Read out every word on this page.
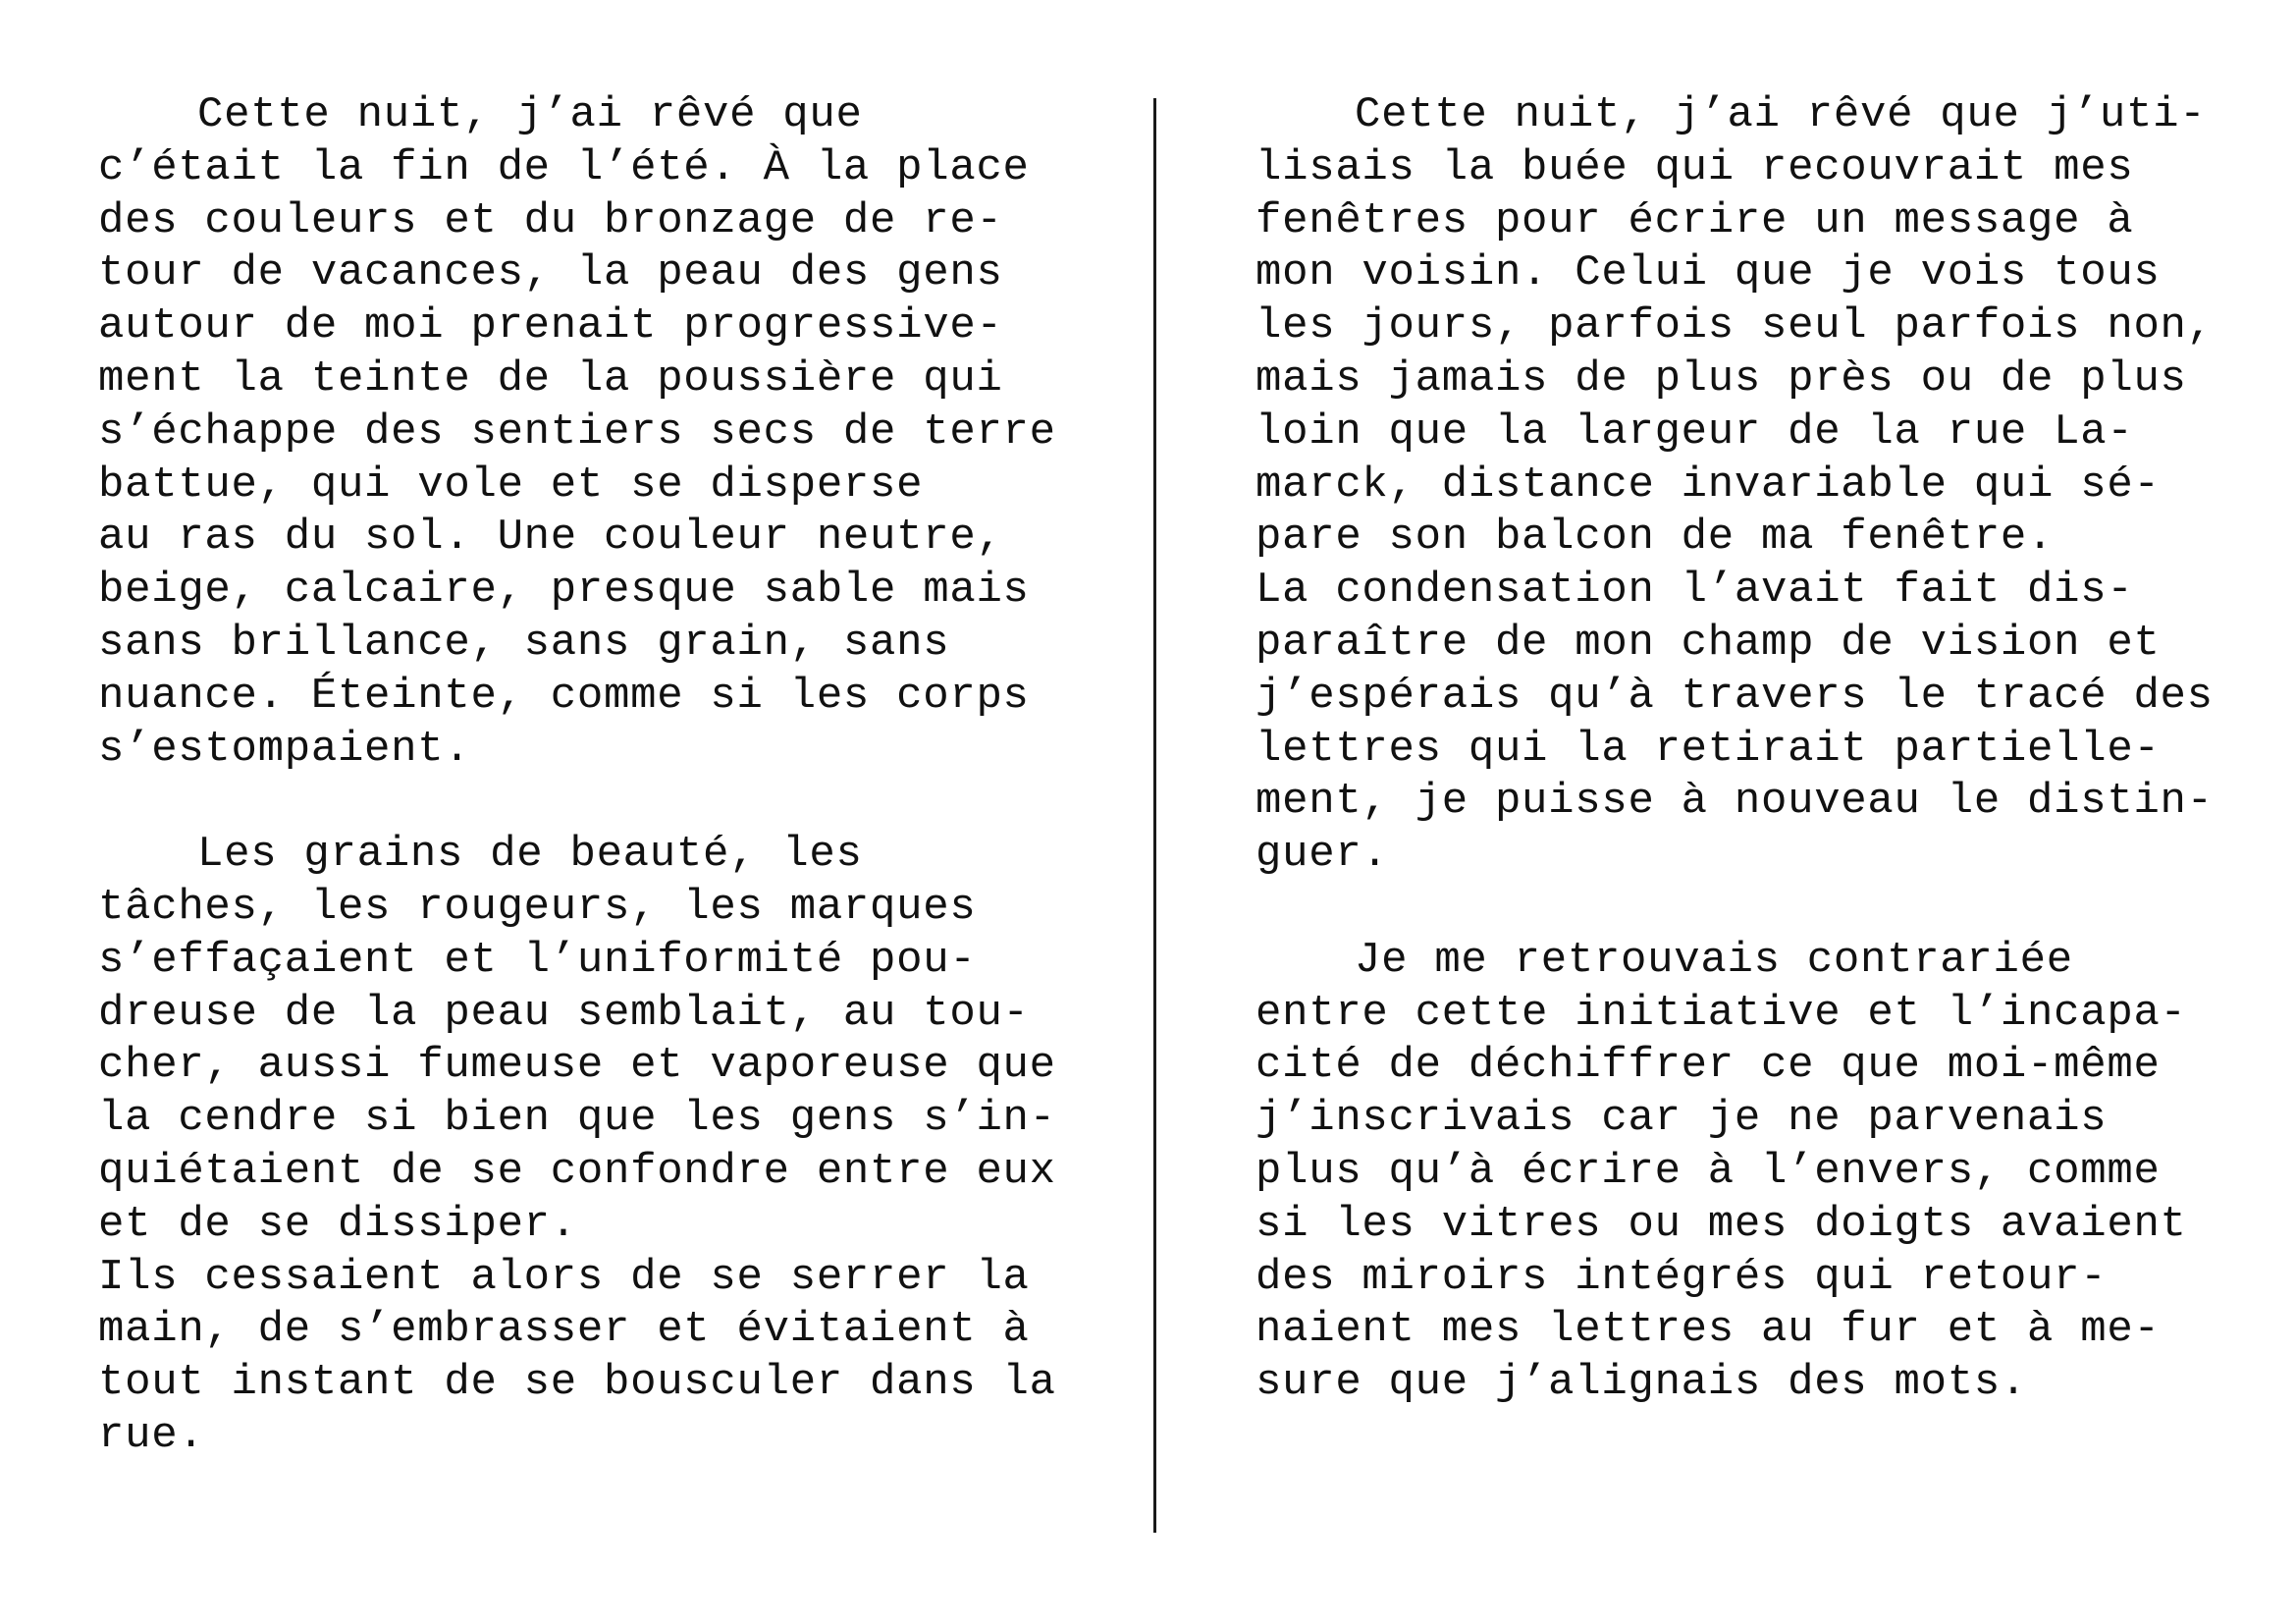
Cette nuit, j’ai rêvé que
c’était la fin de l’été. À la place
des couleurs et du bronzage de re-
tour de vacances, la peau des gens
autour de moi prenait progressive-
ment la teinte de la poussière qui
s’échappe des sentiers secs de terre
battue, qui vole et se disperse
au ras du sol. Une couleur neutre,
beige, calcaire, presque sable mais
sans brillance, sans grain, sans
nuance. Éteinte, comme si les corps
s’estompaient.
Les grains de beauté, les
tâches, les rougeurs, les marques
s’effaçaient et l’uniformité pou-
dreuse de la peau semblait, au tou-
cher, aussi fumeuse et vaporeuse que
la cendre si bien que les gens s’in-
quiétaient de se confondre entre eux
et de se dissiper.
Ils cessaient alors de se serrer la
main, de s’embrasser et évitaient à
tout instant de se bousculer dans la
rue.
Cette nuit, j’ai rêvé que j’uti-
lisais la buée qui recouvrait mes
fenêtres pour écrire un message à
mon voisin. Celui que je vois tous
les jours, parfois seul parfois non,
mais jamais de plus près ou de plus
loin que la largeur de la rue La-
marck, distance invariable qui sé-
pare son balcon de ma fenêtre.
La condensation l’avait fait dis-
paraître de mon champ de vision et
j’espérais qu’à travers le tracé des
lettres qui la retirait partielle-
ment, je puisse à nouveau le distin-
guer.
Je me retrouvais contrariée
entre cette initiative et l’incapa-
cité de déchiffrer ce que moi-même
j’inscrivais car je ne parvenais
plus qu’à écrire à l’envers, comme
si les vitres ou mes doigts avaient
des miroirs intégrés qui retour-
naient mes lettres au fur et à me-
sure que j’alignais des mots.
